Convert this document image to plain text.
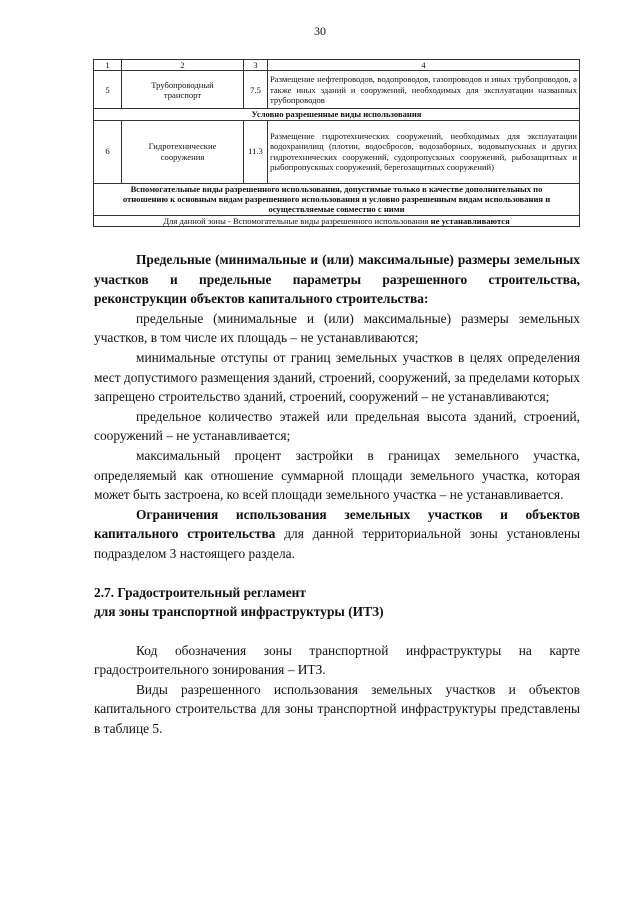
30
1	2	3	4
5	Трубопроводный транспорт	7.5	Размещение нефтепроводов, водопроводов, газопроводов и иных трубопроводов, а также иных зданий и сооружений, необходимых для эксплуатации названных трубопроводов
Условно разрешенные виды использования			
6	Гидротехнические сооружения	11.3	Размещение гидротехнических сооружений, необходимых для эксплуатации водохранилищ (плотин, водосбросов, водозаборных, водовыпускных и других гидротехнических сооружений, судопропускных сооружений, рыбозащитных и рыбопропускных сооружений, берегозащитных сооружений)
Вспомогательные виды разрешенного использования, допустимые только в качестве дополнительных по отношению к основным видам разрешенного использования и условно разрешенным видам использования и осуществляемые совместно с ними			
Для данной зоны - Вспомогательные виды разрешенного использования не устанавливаются			

Предельные (минимальные и (или) максимальные) размеры земельных участков и предельные параметры разрешенного строительства, реконструкции объектов капитального строительства:

предельные (минимальные и (или) максимальные) размеры земельных участков, в том числе их площадь – не устанавливаются;

минимальные отступы от границ земельных участков в целях определения мест допустимого размещения зданий, строений, сооружений, за пределами которых запрещено строительство зданий, строений, сооружений – не устанавливаются;

предельное количество этажей или предельная высота зданий, строений, сооружений – не устанавливается;

максимальный процент застройки в границах земельного участка, определяемый как отношение суммарной площади земельного участка, которая может быть застроена, ко всей площади земельного участка – не устанавливается.

Ограничения использования земельных участков и объектов капитального строительства для данной территориальной зоны установлены подразделом 3 настоящего раздела.

2.7. Градостроительный регламент

для зоны транспортной инфраструктуры (ИТЗ)

Код обозначения зоны транспортной инфраструктуры на карте градостроительного зонирования – ИТЗ.

Виды разрешенного использования земельных участков и объектов капитального строительства для зоны транспортной инфраструктуры представлены в таблице 5.
